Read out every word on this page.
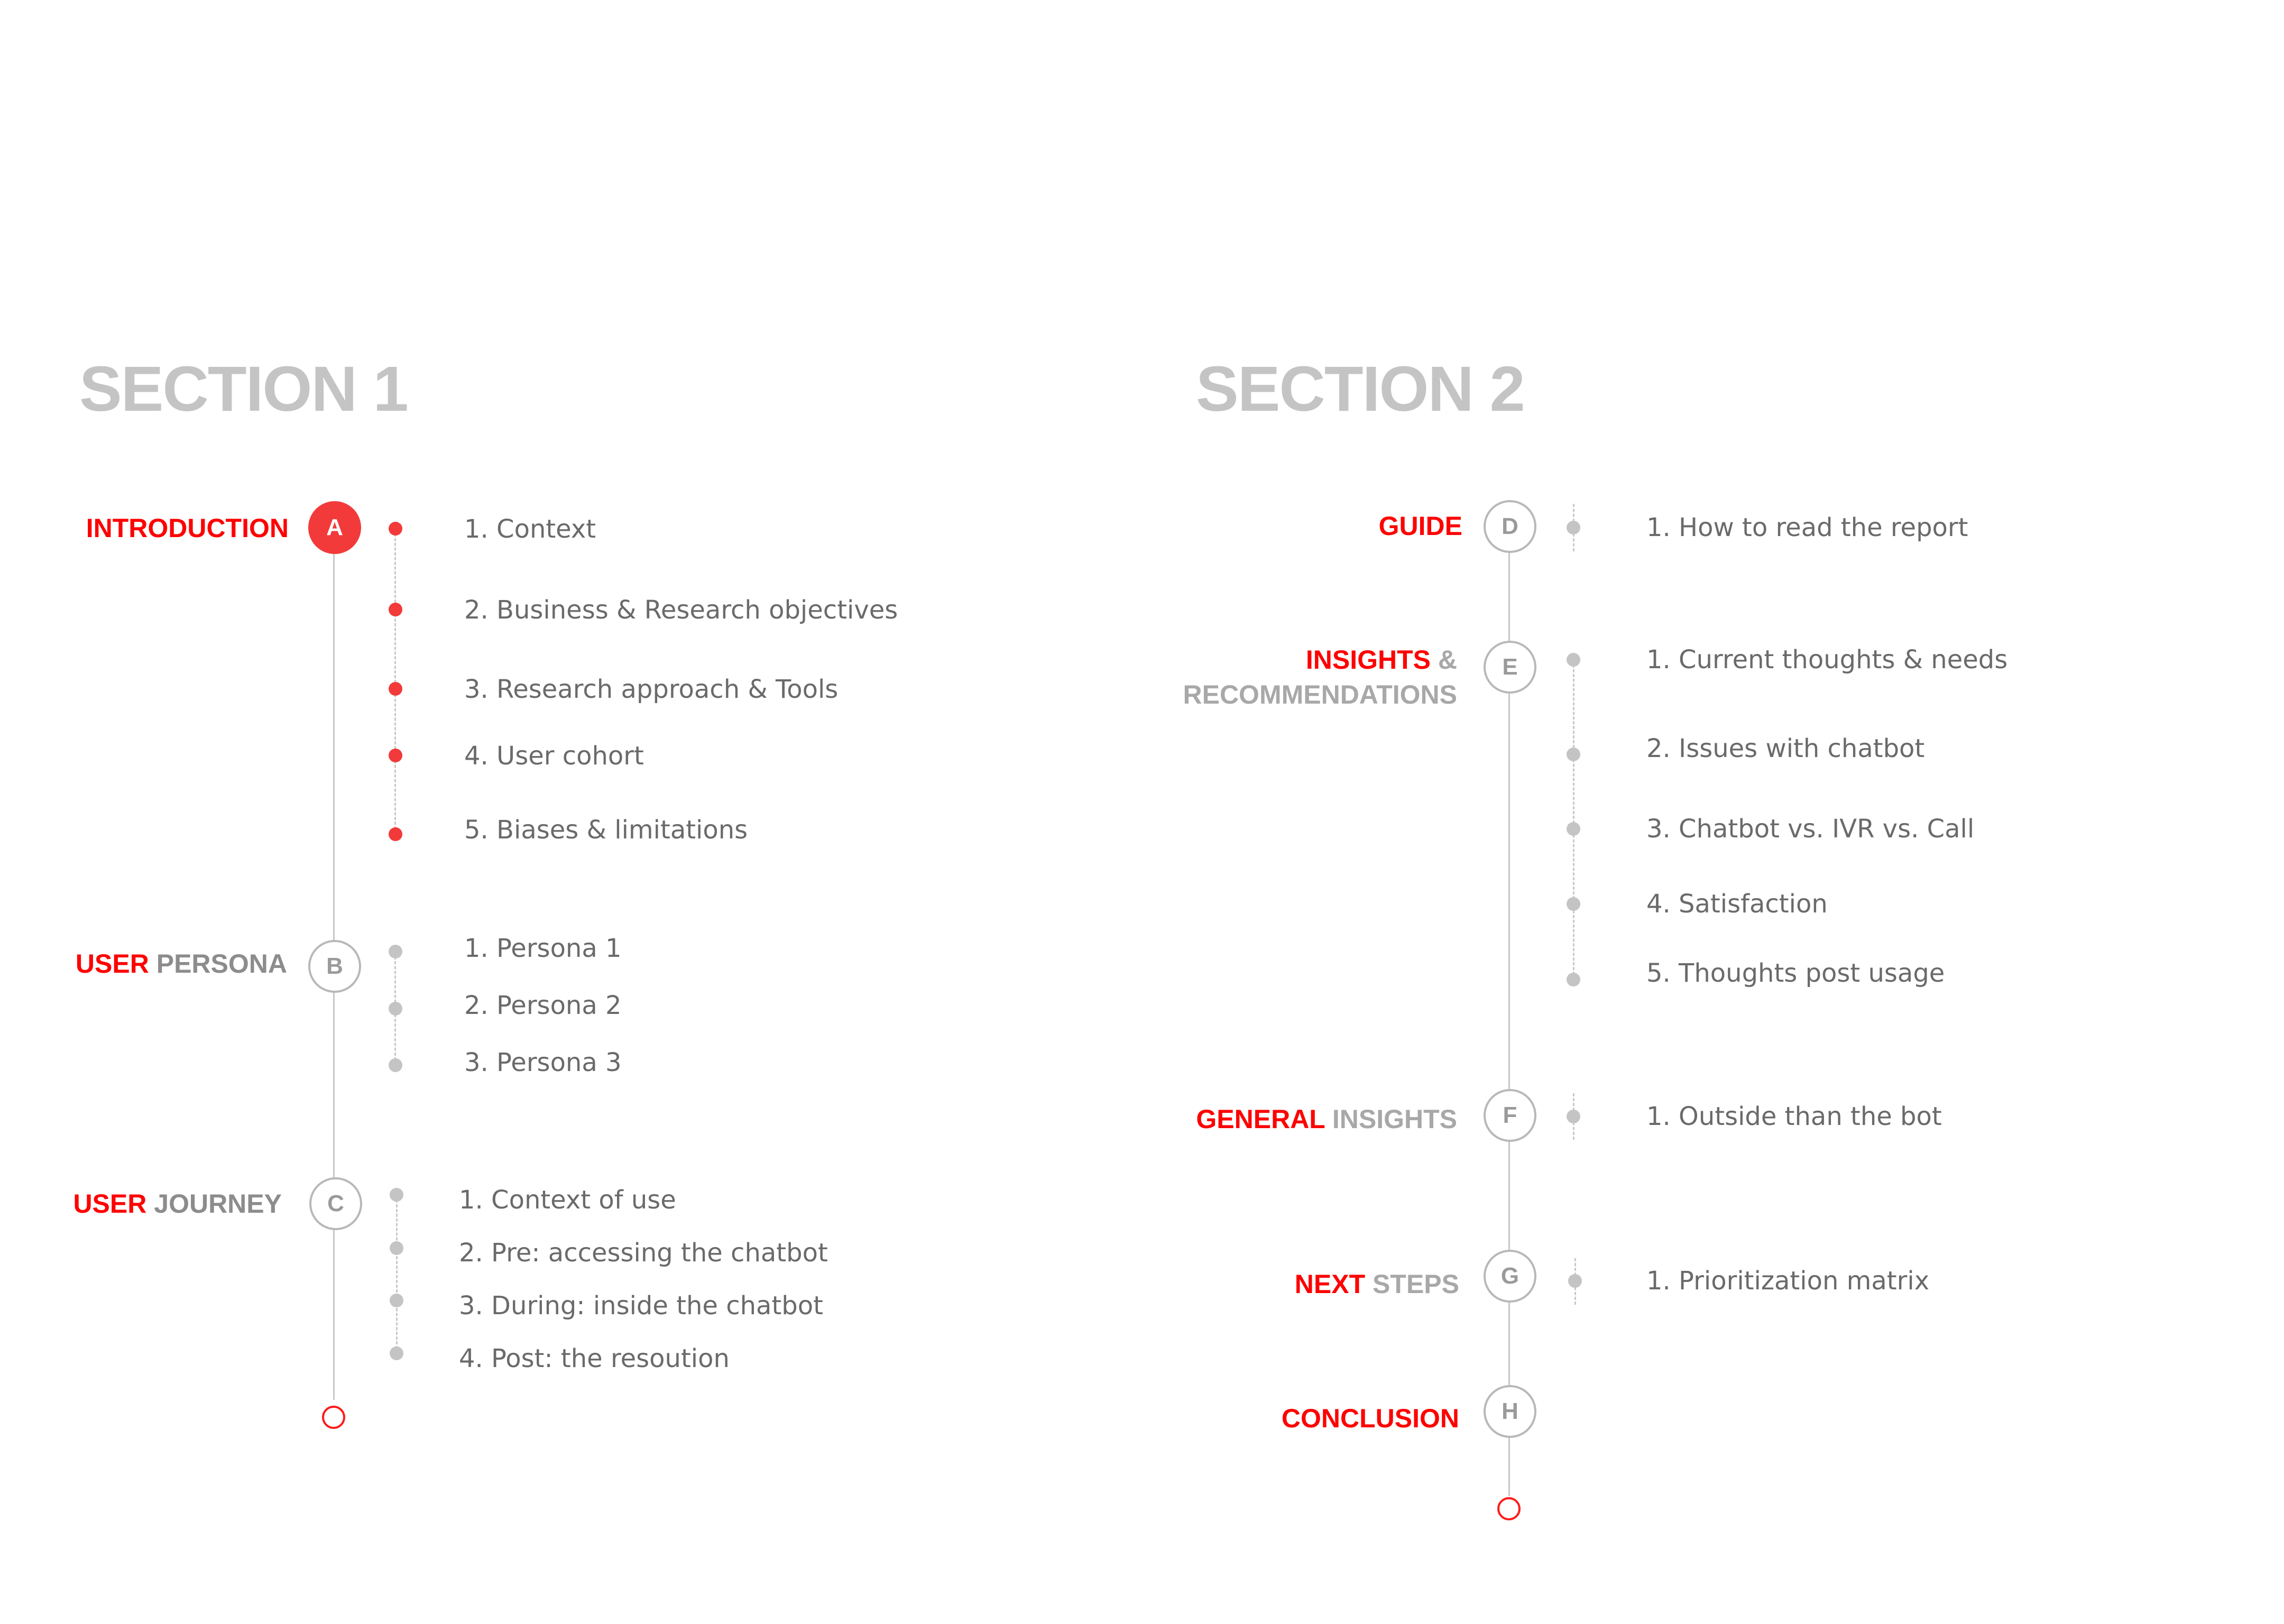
SECTION 1
INTRODUCTION	A	1. Context
2. Business & Research objectives
3. Research approach & Tools
4. User cohort
5. Biases & limitations
USER PERSONA	B
1. Persona 1
2. Persona 2
3. Persona 3
USER JOURNEY	C	1. Context of use
2. Pre: accessing the chatbot
3. During: inside the chatbot
4. Post: the resoution
SECTION 2
GUIDE	D	1. How to read the report
INSIGHTS &
RECOMMENDATIONS
E	1. Current thoughts & needs
2. Issues with chatbot
3. Chatbot vs. IVR vs. Call
4. Satisfaction
5. Thoughts post usage
GENERAL INSIGHTS	F	1. Outside than the bot
NEXT STEPS	G	1. Prioritization matrix
CONCLUSION	H
